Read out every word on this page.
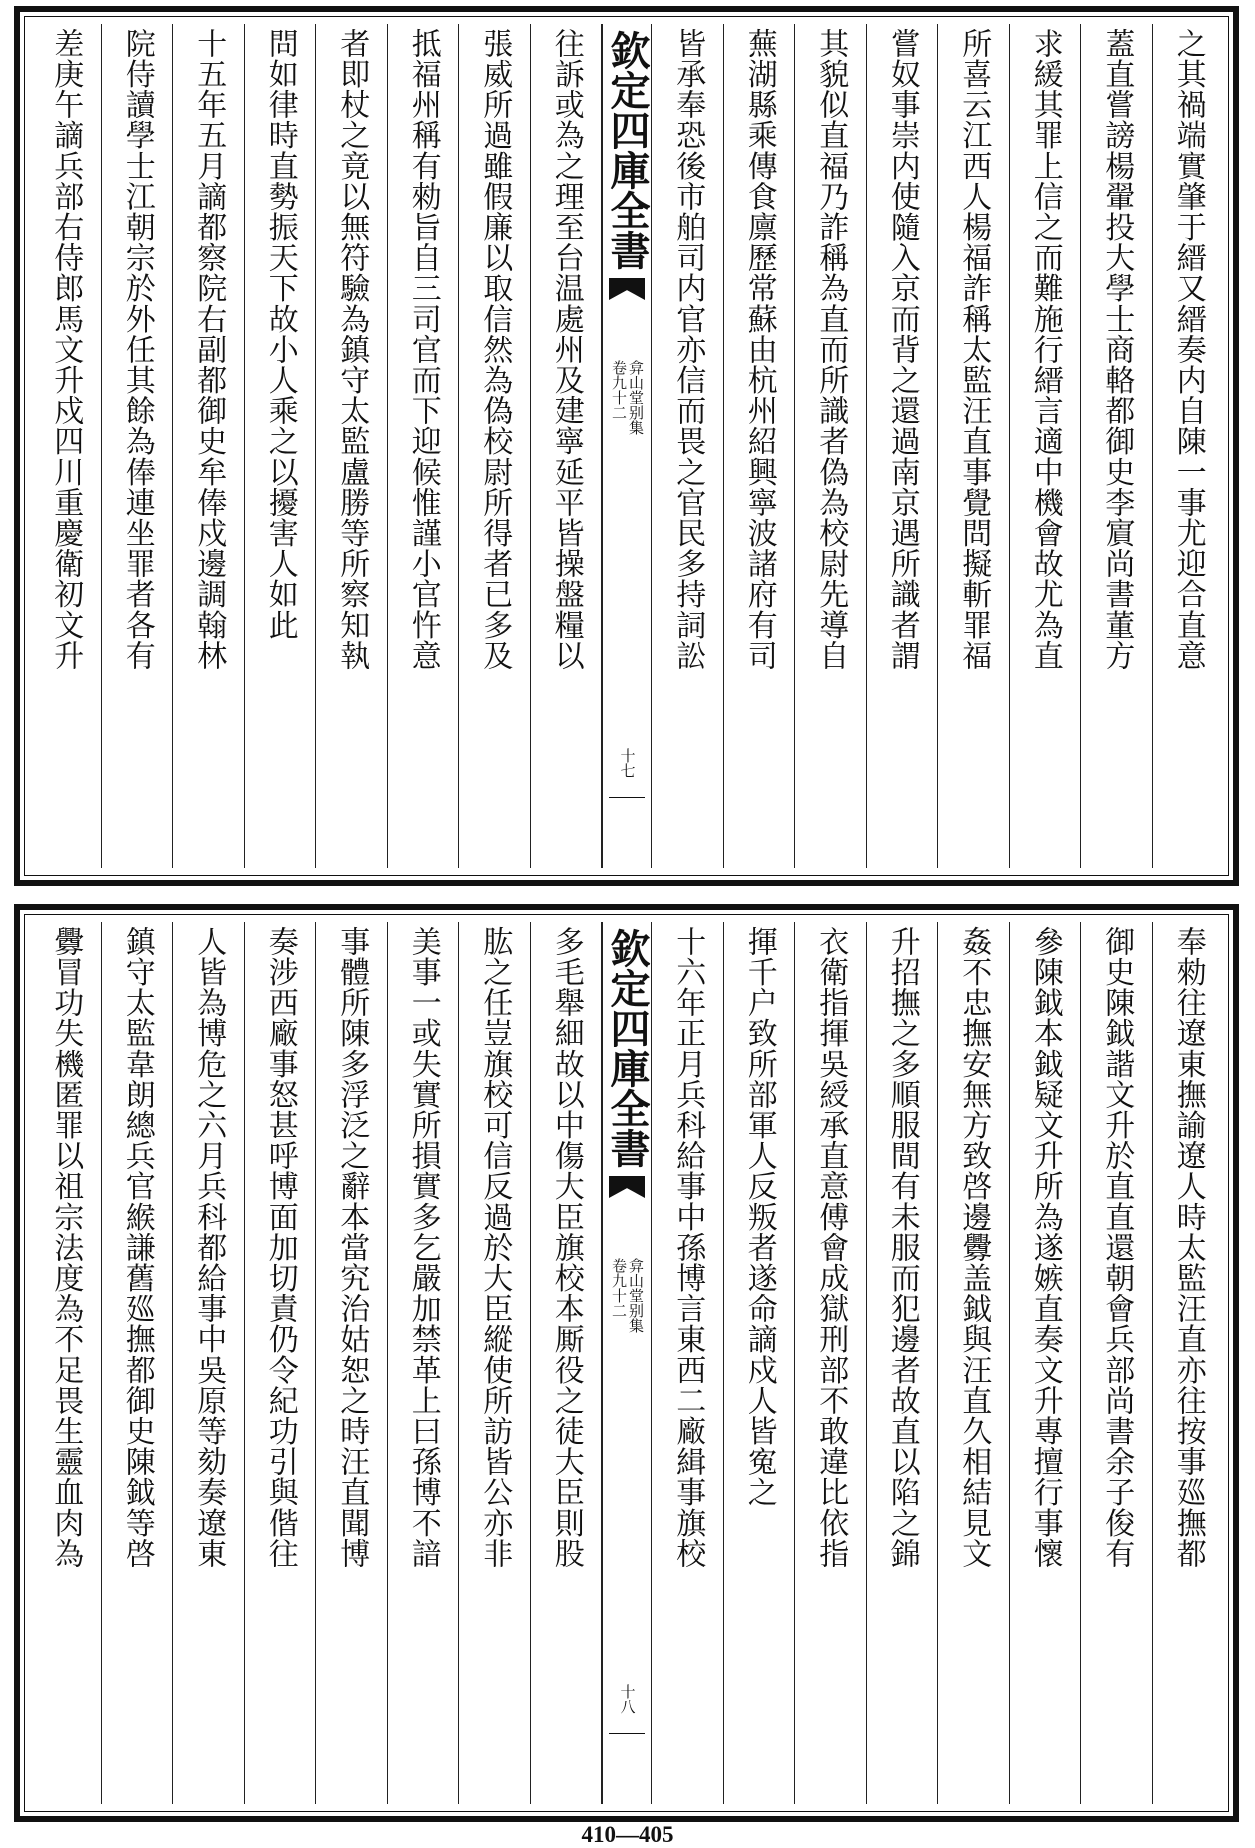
之其禍端實肇于縉又縉奏内自陳一事尤迎合直意
蓋直嘗謗楊翬投大學士商輅都御史李賔尚書董方
求緩其罪上信之而難施行縉言適中機會故尤為直
所喜云江西人楊福詐稱太監汪直事覺問擬斬罪福
嘗奴事崇内使隨入京而背之還過南京遇所識者謂
其貌似直福乃詐稱為直而所識者偽為校尉先導自
蕪湖縣乘傳食廪歷常蘇由杭州紹興寧波諸府有司
皆承奉恐後市舶司内官亦信而畏之官民多持詞訟
欽定四庫全書
弇山堂别集
卷九十二
十七
往訴或為之理至台温處州及建寧延平皆操盤糧以
張威所過雖假廉以取信然為偽校尉所得者已多及
抵福州稱有勑旨自三司官而下迎候惟謹小官忤意
者即杖之竟以無符驗為鎮守太監盧勝等所察知執
問如律時直勢振天下故小人乘之以擾害人如此
十五年五月謫都察院右副都御史牟俸戍邊調翰林
院侍讀學士江朝宗於外任其餘為俸連坐罪者各有
差庚午謫兵部右侍郎馬文升戍四川重慶衛初文升
奉勑往遼東撫諭遼人時太監汪直亦往按事廵撫都
御史陳鉞諧文升於直直還朝會兵部尚書余子俊有
參陳鉞本鉞疑文升所為遂嫉直奏文升專擅行事懷
姦不忠撫安無方致啓邊釁盖鉞與汪直久相結見文
升招撫之多順服間有未服而犯邊者故直以陷之錦
衣衛指揮吳綬承直意傅會成獄刑部不敢違比依指
揮千户致所部軍人反叛者遂命謫戍人皆寃之
十六年正月兵科給事中孫博言東西二廠緝事旗校
欽定四庫全書
弇山堂别集
卷九十二
十八
多毛舉細故以中傷大臣旗校本厮役之徒大臣則股
肱之任豈旗校可信反過於大臣縱使所訪皆公亦非
美事一或失實所損實多乞嚴加禁革上曰孫博不諳
事體所陳多浮泛之辭本當究治姑恕之時汪直聞博
奏涉西廠事怒甚呼博面加切責仍令紀功引與偕往
人皆為博危之六月兵科都給事中吳原等劾奏遼東
鎮守太監韋朗總兵官緱謙舊廵撫都御史陳鉞等啓
釁冒功失機匿罪以祖宗法度為不足畏生靈血肉為
410—405
